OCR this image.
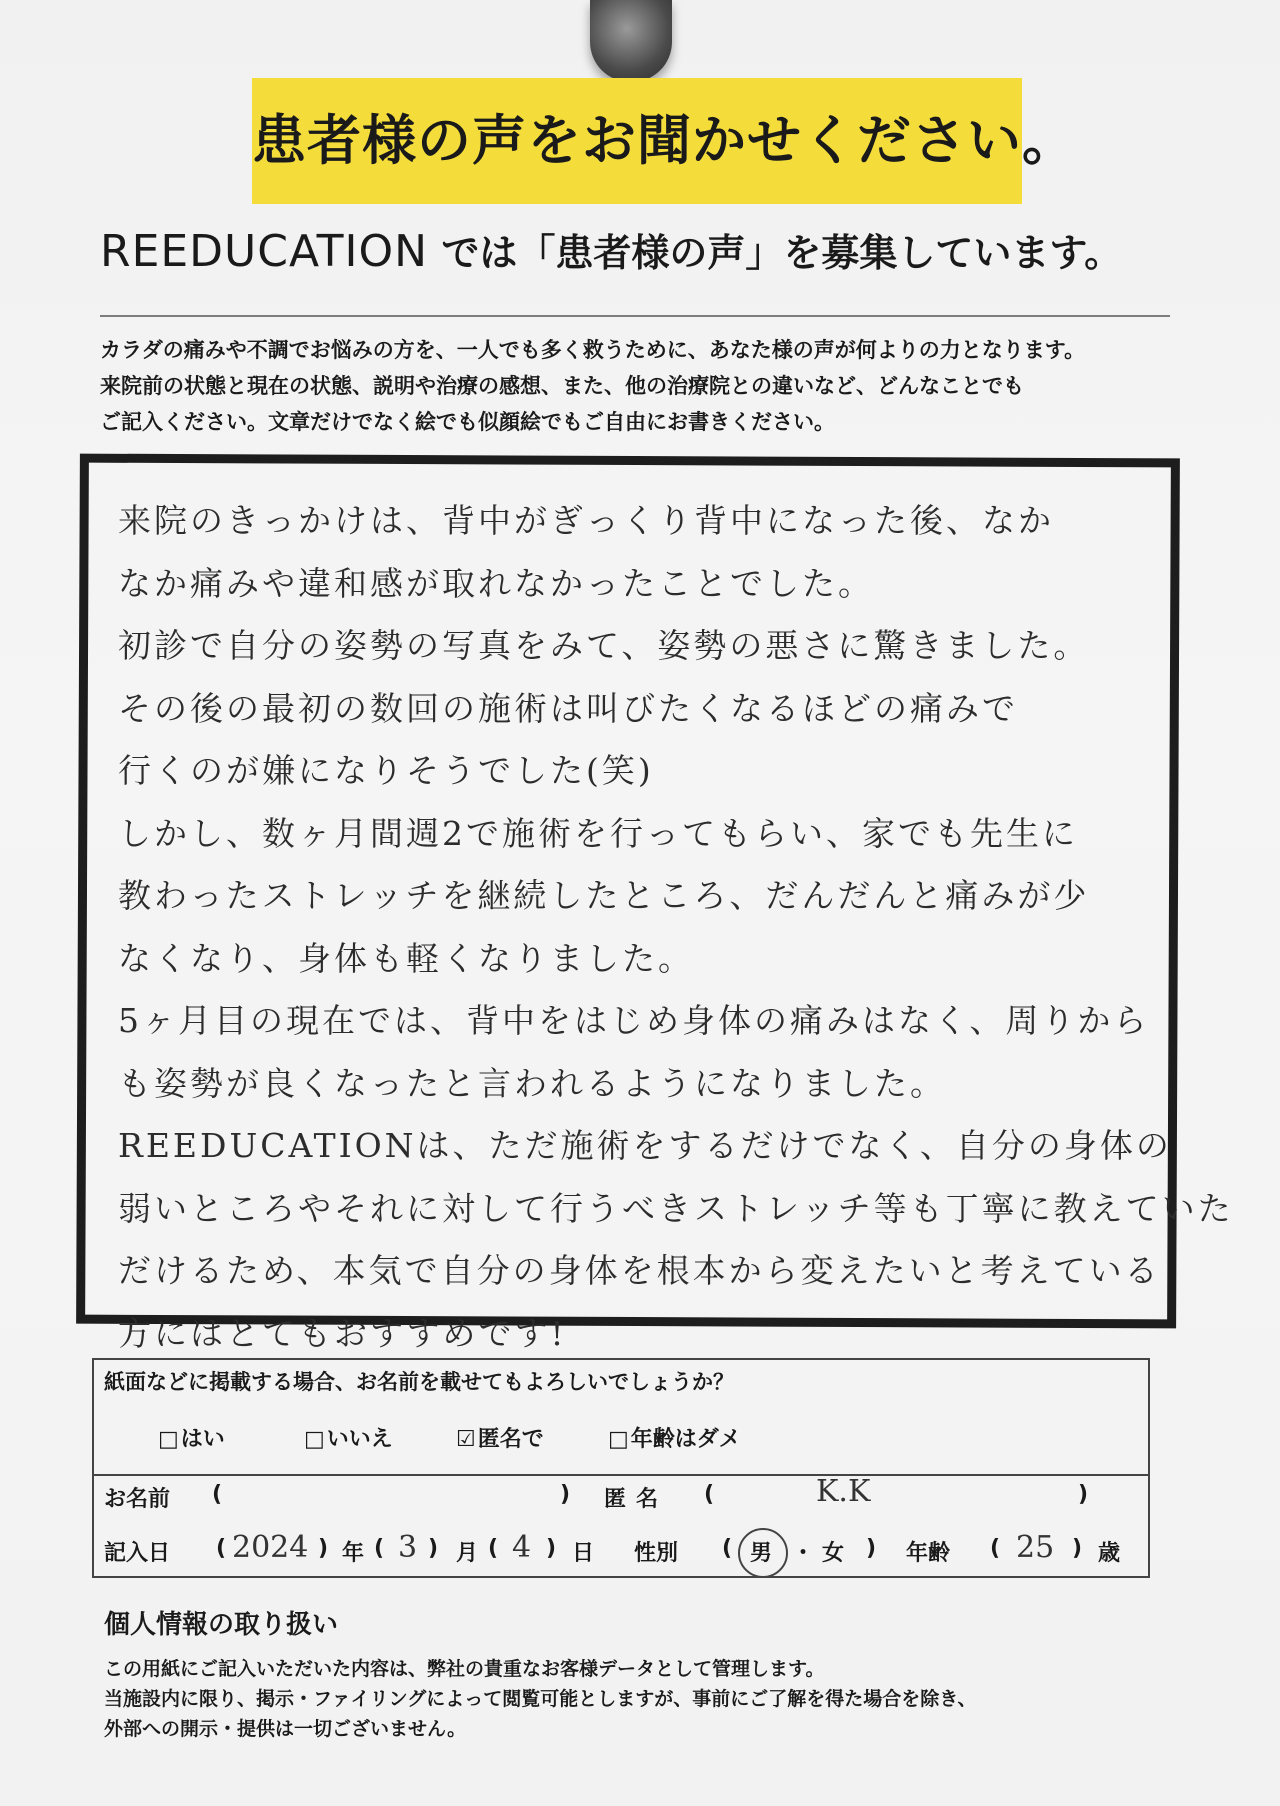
患者様の声をお聞かせください。
REEDUCATION では「患者様の声」を募集しています。
カラダの痛みや不調でお悩みの方を、一人でも多く救うために、あなた様の声が何よりの力となります。
来院前の状態と現在の状態、説明や治療の感想、また、他の治療院との違いなど、どんなことでも
ご記入ください。文章だけでなく絵でも似顔絵でもご自由にお書きください。
来院のきっかけは、背中がぎっくり背中になった後、なか
なか痛みや違和感が取れなかったことでした。
初診で自分の姿勢の写真をみて、姿勢の悪さに驚きました。
その後の最初の数回の施術は叫びたくなるほどの痛みで
行くのが嫌になりそうでした(笑)
しかし、数ヶ月間週2で施術を行ってもらい、家でも先生に
教わったストレッチを継続したところ、だんだんと痛みが少
なくなり、身体も軽くなりました。
5ヶ月目の現在では、背中をはじめ身体の痛みはなく、周りから
も姿勢が良くなったと言われるようになりました。
REEDUCATIONは、ただ施術をするだけでなく、自分の身体の
弱いところやそれに対して行うべきストレッチ等も丁寧に教えていた
だけるため、本気で自分の身体を根本から変えたいと考えている
方にはとてもおすすめです!
紙面などに掲載する場合、お名前を載せてもよろしいでしょうか？
□はい	□いいえ	☑匿名で	□年齢はダメ
お名前 (	) 匿名 (	K.K	)
記入日 ( 2024 ) 年 ( 3 ) 月 ( 4 ) 日 性別 ( 男 ・ 女 ) 年齢 ( 25 ) 歳
個人情報の取り扱い
この用紙にご記入いただいた内容は、弊社の貴重なお客様データとして管理します。
当施設内に限り、掲示・ファイリングによって閲覧可能としますが、事前にご了解を得た場合を除き、
外部への開示・提供は一切ございません。
